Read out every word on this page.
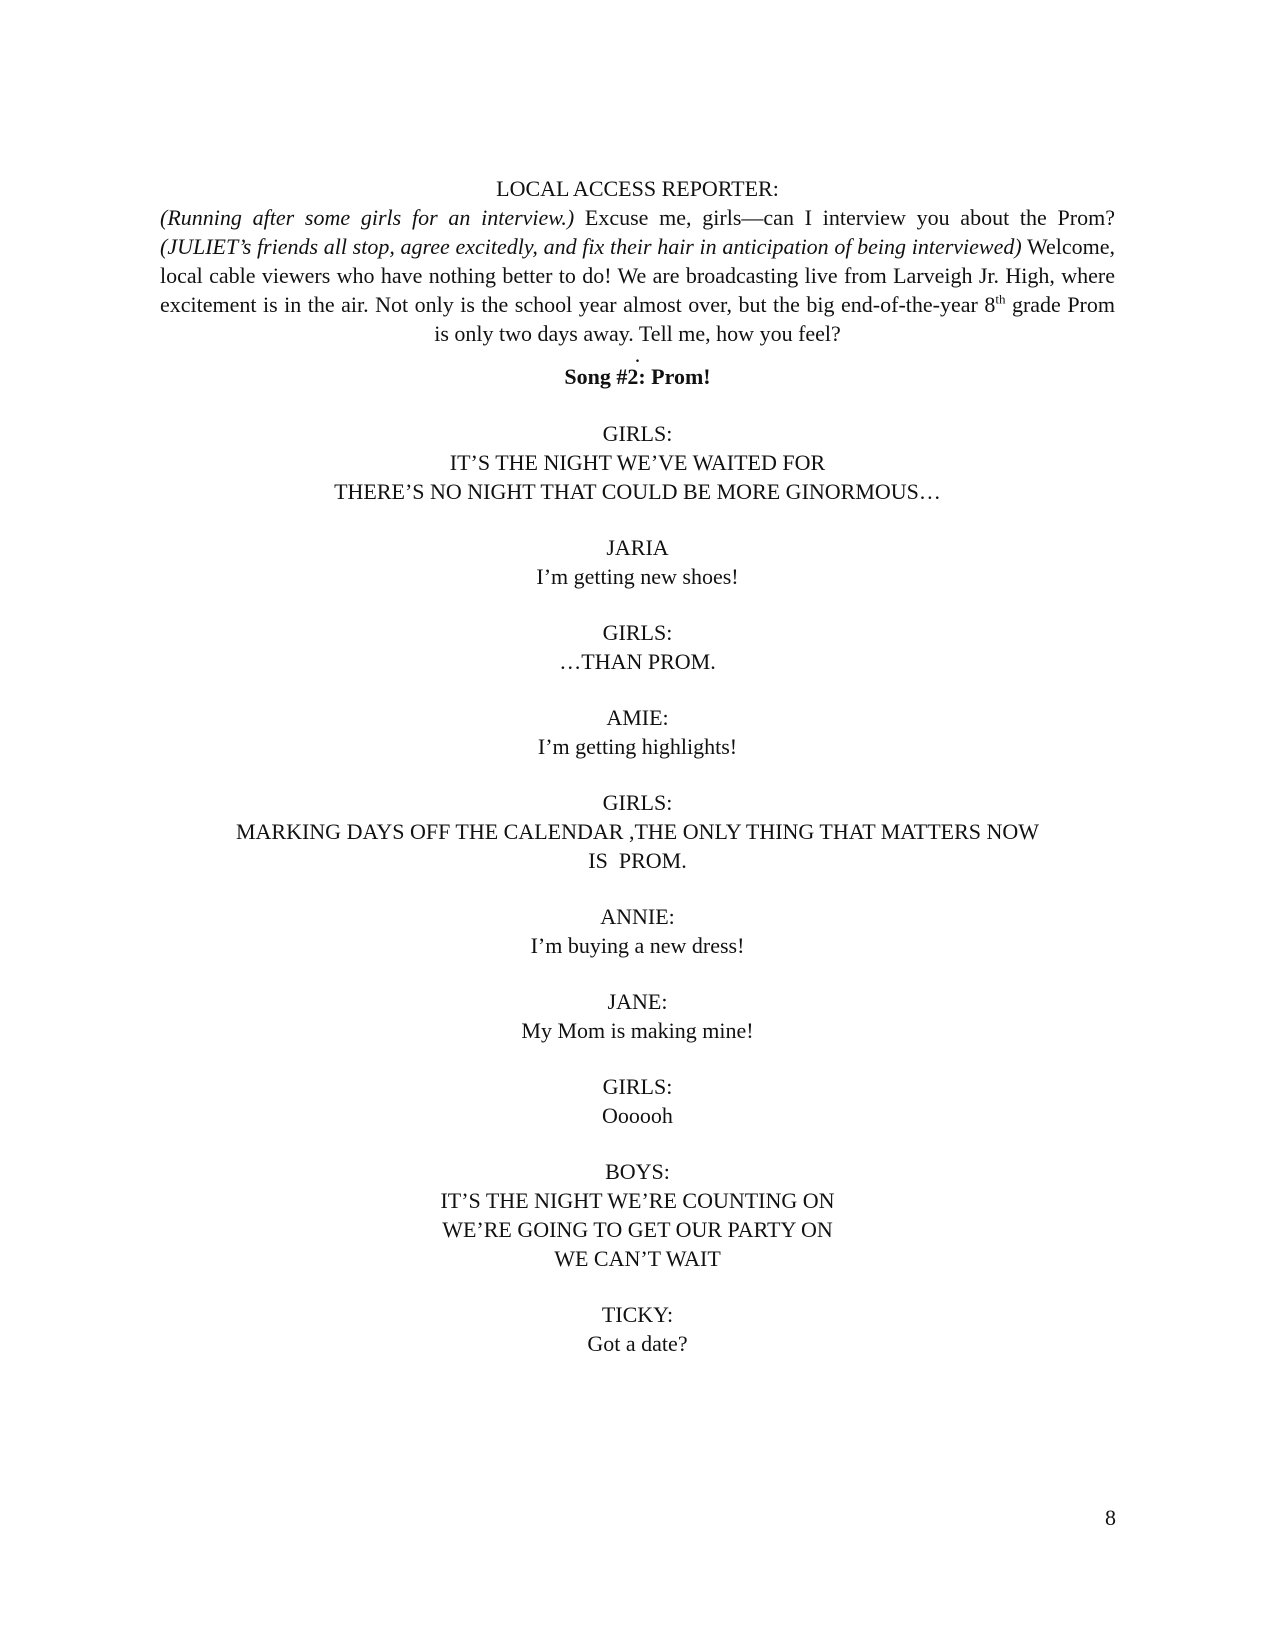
LOCAL ACCESS REPORTER:

(Running after some girls for an interview.) Excuse me, girls—can I interview you about the Prom? (JULIET’s friends all stop, agree excitedly, and fix their hair in anticipation of being interviewed) Welcome, local cable viewers who have nothing better to do! We are broadcasting live from Larveigh Jr. High, where excitement is in the air. Not only is the school year almost over, but the big end-of-the-year 8th grade Prom is only two days away. Tell me, how you feel?

.

Song #2: Prom!

GIRLS:
IT’S THE NIGHT WE’VE WAITED FOR
THERE’S NO NIGHT THAT COULD BE MORE GINORMOUS…
JARIA
I’m getting new shoes!
GIRLS:
…THAN PROM.
AMIE:
I’m getting highlights!
GIRLS:
MARKING DAYS OFF THE CALENDAR ,THE ONLY THING THAT MATTERS NOW
IS  PROM.
ANNIE:
I’m buying a new dress!
JANE:
My Mom is making mine!
GIRLS:
Oooooh
BOYS:
IT’S THE NIGHT WE’RE COUNTING ON
WE’RE GOING TO GET OUR PARTY ON
WE CAN’T WAIT
TICKY:
Got a date?
8
